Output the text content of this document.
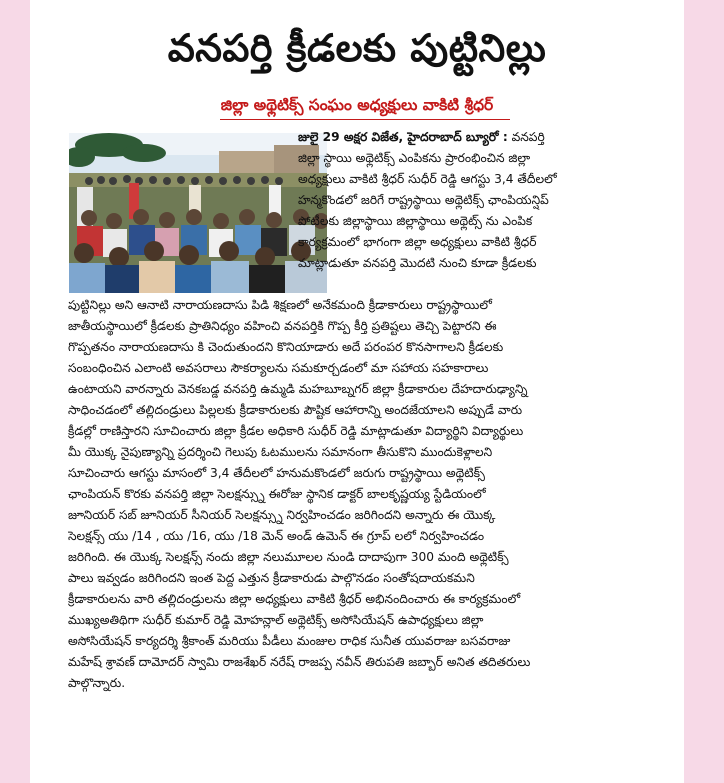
వనపర్తి క్రీడలకు పుట్టినిల్లు
జిల్లా అథ్లెటిక్స్ సంఘం అధ్యక్షులు వాకిటి శ్రీధర్
జులై 29 అక్షర విజేత, హైదరాబాద్ బ్యూరో : వనపర్తి
జిల్లా స్థాయి అథ్లెటిక్స్ ఎంపికను ప్రారంభించిన జిల్లా
అధ్యక్షులు వాకిటి శ్రీధర్ సుధీర్ రెడ్డి ఆగస్టు 3,4 తేదీలలో
హన్మకొండలో జరిగే రాష్ట్రస్థాయి అథ్లెటిక్స్ ఛాంపియన్షిప్
పోటీలకు జిల్లాస్థాయి జిల్లాస్థాయి అథ్లెట్స్ ను ఎంపిక
కార్యక్రమంలో భాగంగా జిల్లా అధ్యక్షులు వాకిటి శ్రీధర్
మాట్లాడుతూ వనపర్తి మొదటి నుంచి కూడా క్రీడలకు
పుట్టినిల్లు అని ఆనాటి నారాయణదాసు పిడి శిక్షణలో అనేకమంది క్రీడాకారులు రాష్ట్రస్థాయిలో
జాతీయస్థాయిలో క్రీడలకు ప్రాతినిధ్యం వహించి వనపర్తికి గొప్ప కీర్తి ప్రతిష్టలు తెచ్చి పెట్టారని ఈ
గొప్పతనం నారాయణదాసు కి చెందుతుందని కొనియాడారు అదే పరంపర కొనసాగాలని క్రీడలకు
సంబంధించిన ఎలాంటి అవసరాలు సౌకర్యాలను సమకూర్చడంలో మా సహాయ సహకారాలు
ఉంటాయని వారన్నారు వెనకబడ్డ వనపర్తి ఉమ్మడి మహబూబ్నగర్ జిల్లా క్రీడాకారుల దేహదారుఢ్యాన్ని
సాధించడంలో తల్లిదండ్రులు పిల్లలకు క్రీడాకారులకు పౌష్టిక ఆహారాన్ని అందజేయాలని అప్పుడే వారు
క్రీడల్లో రాణిస్తారని సూచించారు జిల్లా క్రీడల అధికారి సుధీర్ రెడ్డి మాట్లాడుతూ విద్యార్థిని విద్యార్థులు
మీ యొక్క నైపుణ్యాన్ని ప్రదర్శించి గెలుపు ఓటములను సమానంగా తీసుకొని ముందుకెళ్లాలని
సూచించారు ఆగస్టు మాసంలో 3,4 తేదీలలో హనుమకొండలో జరుగు రాష్ట్రస్థాయి అథ్లెటిక్స్
ఛాంపియన్ కొరకు వనపర్తి జిల్లా సెలక్షన్స్ను ఈరోజు స్థానిక డాక్టర్ బాలకృష్ణయ్య స్టేడియంలో
జూనియర్ సబ్ జూనియర్ సీనియర్ సెలక్షన్స్ను నిర్వహించడం జరిగిందని అన్నారు ఈ యొక్క
సెలక్షన్స్ యు /14 , యు /16, యు /18 మెన్ అండ్ ఉమెన్ ఈ గ్రూప్ లలో నిర్వహించడం
జరిగింది. ఈ యొక్క సెలక్షన్స్ నందు జిల్లా నలుమూలల నుండి దాదాపుగా 300 మంది అథ్లెటిక్స్
పాలు ఇవ్వడం జరిగిందని ఇంత పెద్ద ఎత్తున క్రీడాకారుడు పాల్గొనడం సంతోషదాయకమని
క్రీడాకారులను వారి తల్లిదండ్రులను జిల్లా అధ్యక్షులు వాకిటి శ్రీధర్ అభినందించారు ఈ కార్యక్రమంలో
ముఖ్యఅతిథిగా సుధీర్ కుమార్ రెడ్డి మోహన్లాల్ అథ్లెటిక్స్ అసోసియేషన్ ఉపాధ్యక్షులు జిల్లా
అసోసియేషన్ కార్యదర్శి శ్రీకాంత్ మరియు పీడీలు మంజుల రాధిక సునీత యువరాజు బసవరాజు
మహేష్ శ్రావణ్ దామోదర్ స్వామి రాజశేఖర్ నరేష్ రాజప్ప నవీన్ తిరుపతి జబ్బార్ అనిత తదితరులు
పాల్గొన్నారు.
